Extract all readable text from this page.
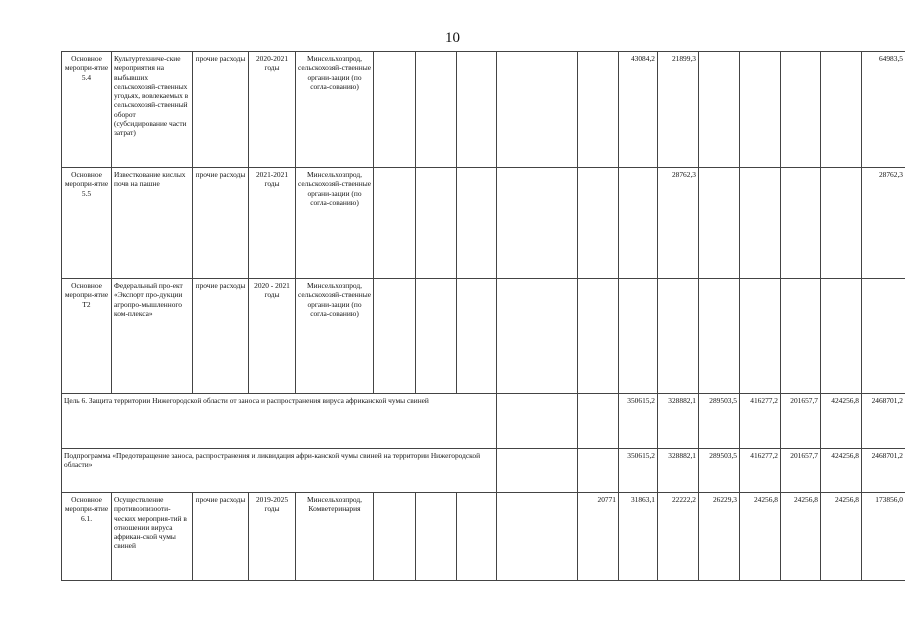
10
Основное меропри-ятие 5.4	Культуртехниче-ские мероприятия на выбывших сельскохозяй-ственных угодьях, вовлекаемых в сельскохозяй-ственный оборот (субсидирование части затрат)	прочие расходы	2020-2021 годы	Минсельхозпрод, сельскохозяй-ственные органи-зации (по согла-сованию)						43084,2	21899,3					64983,5
Основное меропри-ятие 5.5	Известкование кислых почв на пашне	прочие расходы	2021-2021 годы	Минсельхозпрод, сельскохозяй-ственные органи-зации (по согла-сованию)							28762,3					28762,3
Основное меропри-ятие Т2	Федеральный про-ект «Экспорт про-дукции агропро-мышленного ком-плекса»	прочие расходы	2020 - 2021 годы	Минсельхозпрод, сельскохозяй-ственные органи-зации (по согла-сованию)												
Цель 6. Защита территории Нижегородской области от заноса и распространения вируса африканской чумы свиней										350615,2	328882,1	289503,5	416277,2	201657,7	424256,8	2468701,2
Подпрограмма «Предотвращение заноса, распространения и ликвидация афри-канской чумы свиней на территории Нижегородской области»										350615,2	328882,1	289503,5	416277,2	201657,7	424256,8	2468701,2
Основное меропри-ятие 6.1.	Осуществление противоэпизооти-ческих мероприя-тий в отношении вируса африкан-ской чумы свиней	прочие расходы	2019-2025 годы	Минсельхозпрод, Комветеринария					20771	31863,1	22222,2	26229,3	24256,8	24256,8	24256,8	173856,0
